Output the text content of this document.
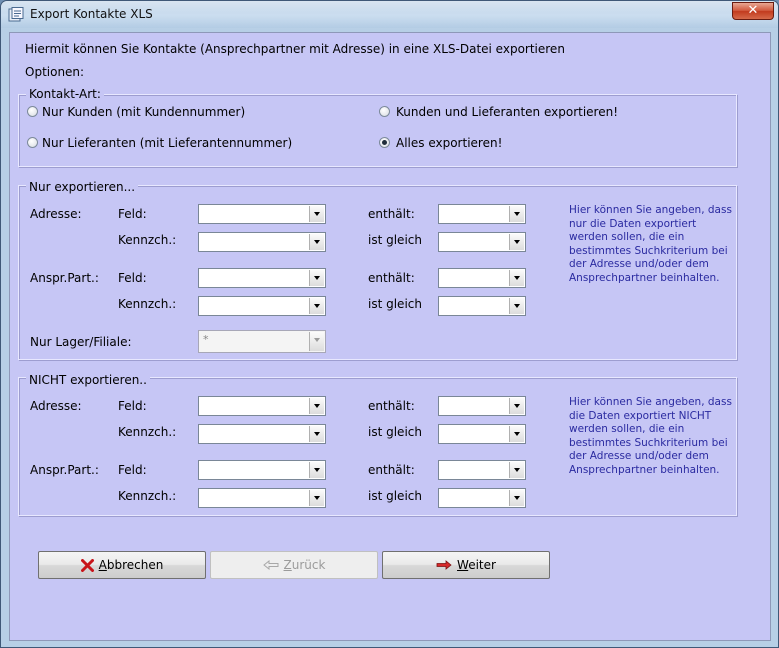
Export Kontakte XLS	✕
Hiermit können Sie Kontakte (Ansprechpartner mit Adresse) in eine XLS-Datei exportieren
Optionen:
Kontakt-Art:
Nur Kunden (mit Kundennummer)
Nur Lieferanten (mit Lieferantennummer)
Kunden und Lieferanten exportieren!
Alles exportieren!
Nur exportieren...
Adresse:	Feld:	enthält:
Kennzch.:	ist gleich
Anspr.Part.: Feld:	enthält:
Kennzch.:	ist gleich
Nur Lager/Filiale:	*
Hier können Sie angeben, dass
nur die Daten exportiert
werden sollen, die ein
bestimmtes Suchkriterium bei
der Adresse und/oder dem
Ansprechpartner beinhalten.
NICHT exportieren..
Adresse:	Feld:	enthält:
Kennzch.:	ist gleich
Anspr.Part.: Feld:	enthält:
Kennzch.:	ist gleich
Hier können Sie angeben, dass
die Daten exportiert NICHT
werden sollen, die ein
bestimmtes Suchkriterium bei
der Adresse und/oder dem
Ansprechpartner beinhalten.
Abbrechen	Zurück	Weiter
